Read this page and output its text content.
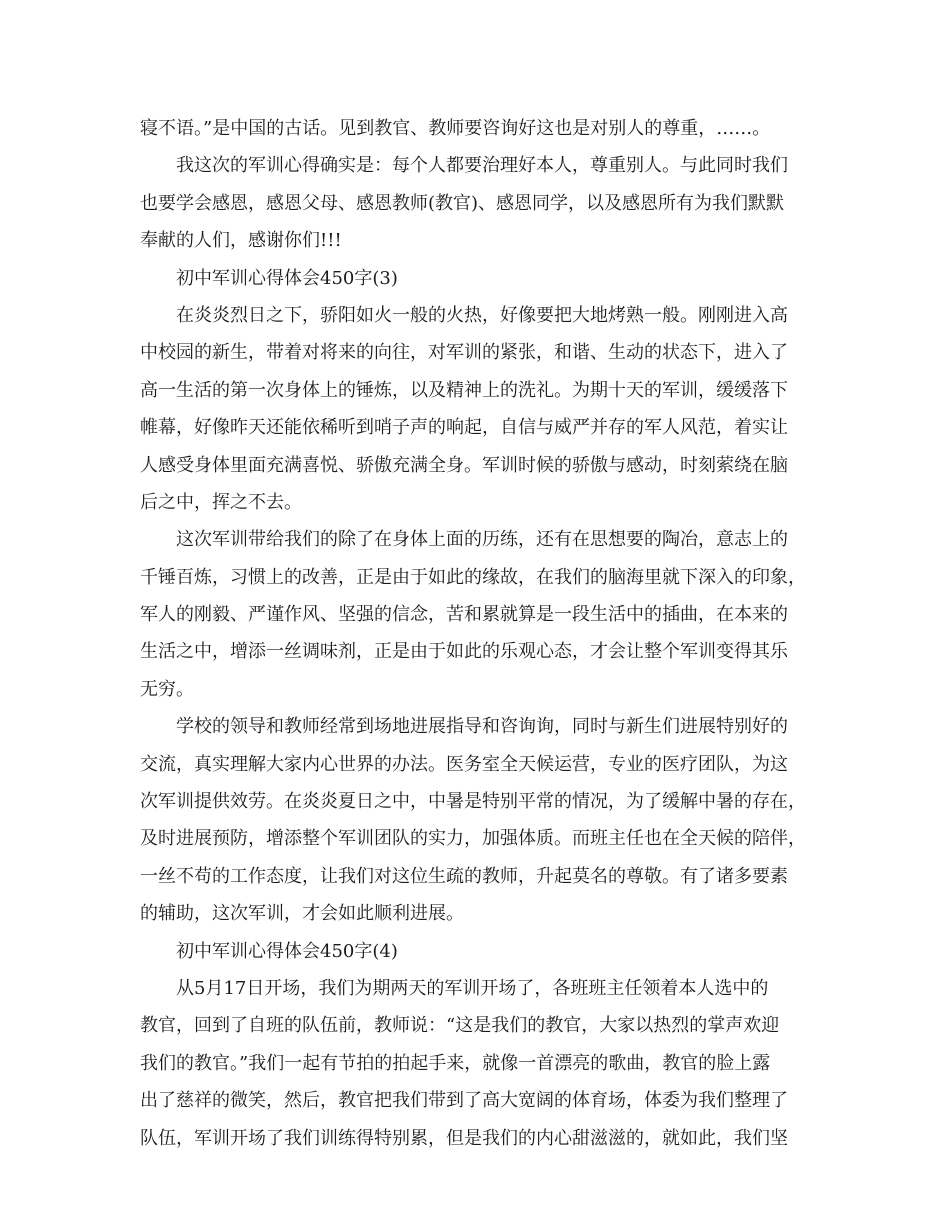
寝不语。”是中国的古话。见到教官、教师要咨询好这也是对别人的尊重，……。
我这次的军训心得确实是：每个人都要治理好本人，尊重别人。与此同时我们
也要学会感恩，感恩父母、感恩教师(教官)、感恩同学，以及感恩所有为我们默默
奉献的人们，感谢你们!!!
初中军训心得体会450字(3)
在炎炎烈日之下，骄阳如火一般的火热，好像要把大地烤熟一般。刚刚进入高
中校园的新生，带着对将来的向往，对军训的紧张，和谐、生动的状态下，进入了
高一生活的第一次身体上的锤炼，以及精神上的洗礼。为期十天的军训，缓缓落下
帷幕，好像昨天还能依稀听到哨子声的响起，自信与威严并存的军人风范，着实让
人感受身体里面充满喜悦、骄傲充满全身。军训时候的骄傲与感动，时刻萦绕在脑
后之中，挥之不去。
这次军训带给我们的除了在身体上面的历练，还有在思想要的陶冶，意志上的
千锤百炼，习惯上的改善，正是由于如此的缘故，在我们的脑海里就下深入的印象，
军人的刚毅、严谨作风、坚强的信念，苦和累就算是一段生活中的插曲，在本来的
生活之中，增添一丝调味剂，正是由于如此的乐观心态，才会让整个军训变得其乐
无穷。
学校的领导和教师经常到场地进展指导和咨询询，同时与新生们进展特别好的
交流，真实理解大家内心世界的办法。医务室全天候运营，专业的医疗团队，为这
次军训提供效劳。在炎炎夏日之中，中暑是特别平常的情况，为了缓解中暑的存在，
及时进展预防，增添整个军训团队的实力，加强体质。而班主任也在全天候的陪伴，
一丝不苟的工作态度，让我们对这位生疏的教师，升起莫名的尊敬。有了诸多要素
的辅助，这次军训，才会如此顺利进展。
初中军训心得体会450字(4)
从5月17日开场，我们为期两天的军训开场了，各班班主任领着本人选中的
教官，回到了自班的队伍前，教师说：“这是我们的教官，大家以热烈的掌声欢迎
我们的教官。”我们一起有节拍的拍起手来，就像一首漂亮的歌曲，教官的脸上露
出了慈祥的微笑，然后，教官把我们带到了高大宽阔的体育场，体委为我们整理了
队伍，军训开场了我们训练得特别累，但是我们的内心甜滋滋的，就如此，我们坚
